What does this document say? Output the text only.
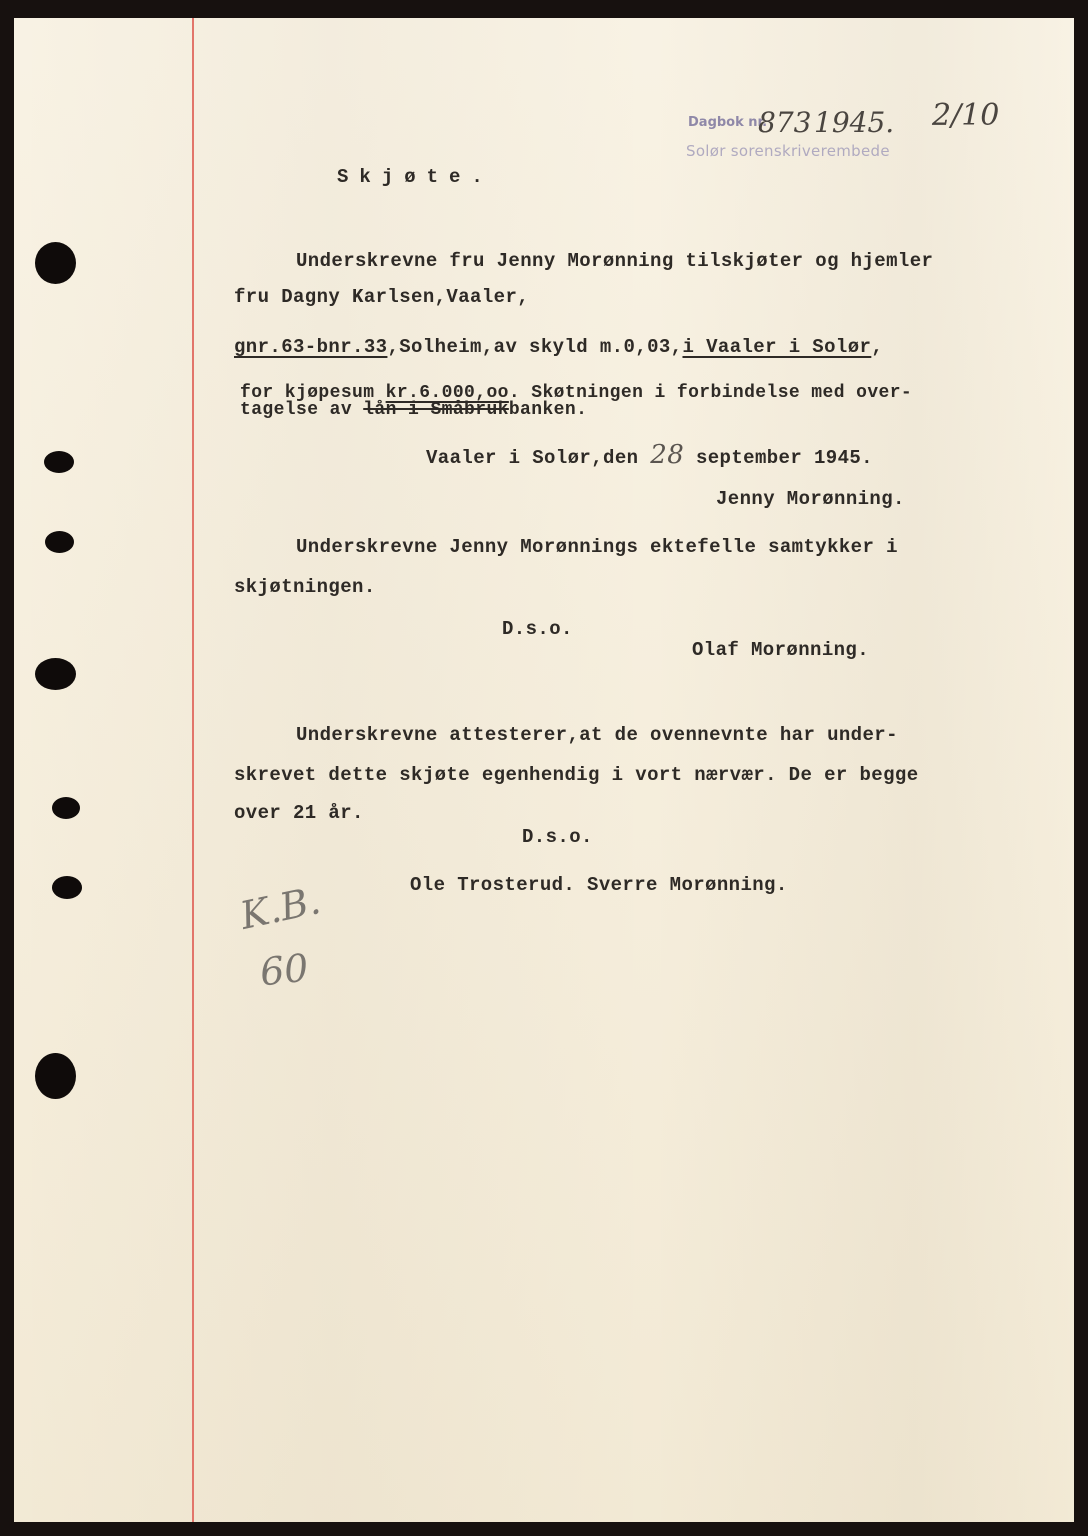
Dagbok nr.
873 1945. 2/10
Solør sorenskriverembede
Skjøte.
Underskrevne fru Jenny Morønning tilskjøter og hjemler
fru Dagny Karlsen,Vaaler,
gnr.63-bnr.33,Solheim,av skyld m.0,03,i Vaaler i Solør,
for kjøpesum kr.6.000,oo. Skøtningen i forbindelse med over-
tagelse av lån i Småbrukbanken.
Vaaler i Solør,den 28 september 1945.
Jenny Morønning.
Underskrevne Jenny Morønnings ektefelle samtykker i
skjøtningen.
D.s.o.
Olaf Morønning.
Underskrevne attesterer,at de ovennevnte har under-
skrevet dette skjøte egenhendig i vort nærvær. De er begge
over 21 år.
D.s.o.
Ole Trosterud. Sverre Morønning.
K.B.
60
